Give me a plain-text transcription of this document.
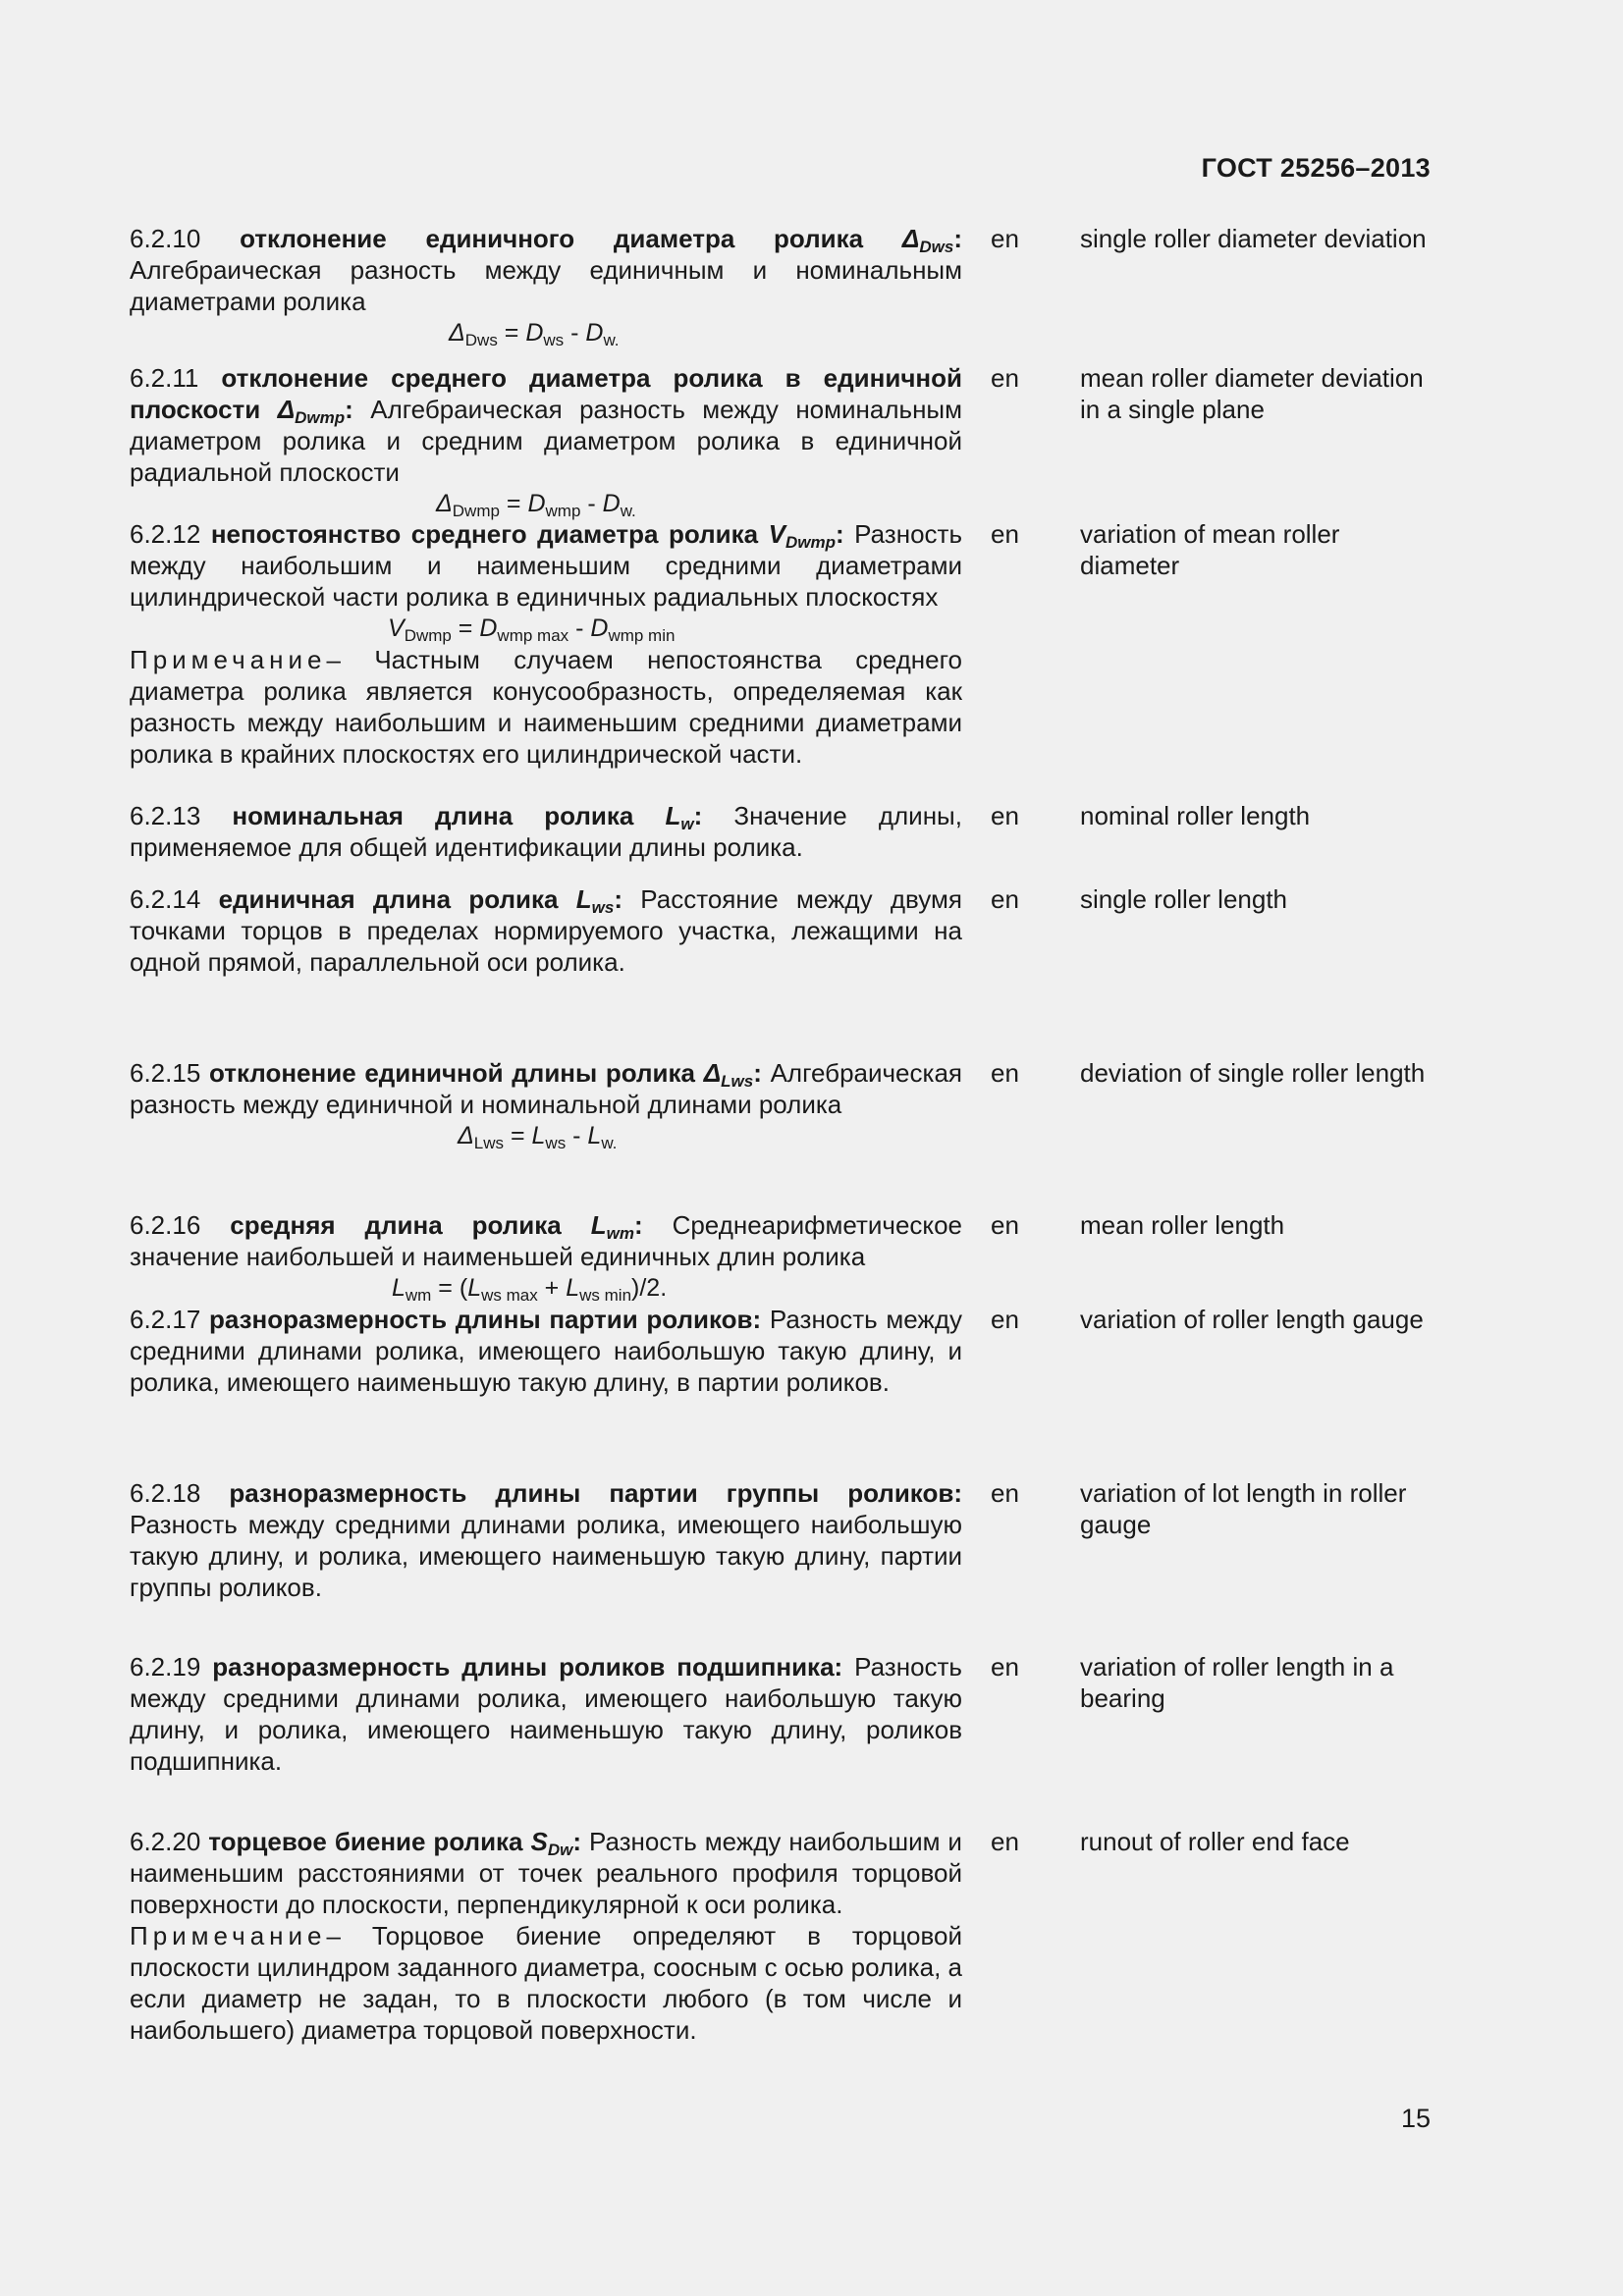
ГОСТ 25256–2013

6.2.10 отклонение единичного диаметра ролика $\Delta_{Dws}$: Алгебраическая разность между единичным и номинальным диаметрами ролика

$\Delta_{Dws} = D_{ws} - D_{w.}$
en single roller diameter deviation

6.2.11 отклонение среднего диаметра ролика в единичной плоскости $\Delta_{Dwmp}$: Алгебраическая разность между номинальным диаметром ролика и средним диаметром ролика в единичной радиальной плоскости

$\Delta_{Dwmp} = D_{wmp} - D_{w.}$
en mean roller diameter deviation in a single plane

6.2.12 непостоянство среднего диаметра ролика $V_{Dwmp}$: Разность между наибольшим и наименьшим средними диаметрами цилиндрической части ролика в единичных радиальных плоскостях

$V_{Dwmp} = D_{wmp max} - D_{wmp min}$

Примечание– Частным случаем непостоянства среднего диаметра ролика является конусообразность, определяемая как разность между наибольшим и наименьшим средними диаметрами ролика в крайних плоскостях его цилиндрической части.

en variation of mean roller diameter

6.2.13 номинальная длина ролика $L_w$: Значение длины, применяемое для общей идентификации длины ролика.

en nominal roller length

6.2.14 единичная длина ролика $L_{ws}$: Расстояние между двумя точками торцов в пределах нормируемого участка, лежащими на одной прямой, параллельной оси ролика.

en single roller length

6.2.15 отклонение единичной длины ролика $\Delta_{Lws}$: Алгебраическая разность между единичной и номинальной длинами ролика

$\Delta_{Lws} = L_{ws} - L_{w.}$
en deviation of single roller length

6.2.16 средняя длина ролика $L_{wm}$: Среднеарифметическое значение наибольшей и наименьшей единичных длин ролика

$L_{wm} = (L_{ws max} + L_{ws min})/2$.
en mean roller length

6.2.17 разноразмерность длины партии роликов: Разность между средними длинами ролика, имеющего наибольшую такую длину, и ролика, имеющего наименьшую такую длину, в партии роликов.

en variation of roller length gauge

6.2.18 разноразмерность длины партии группы роликов: Разность между средними длинами ролика, имеющего наибольшую такую длину, и ролика, имеющего наименьшую такую длину, партии группы роликов.

en variation of lot length in roller gauge

6.2.19 разноразмерность длины роликов подшипника: Разность между средними длинами ролика, имеющего наибольшую такую длину, и ролика, имеющего наименьшую такую длину, роликов подшипника.

en variation of roller length in a bearing

6.2.20 торцевое биение ролика $S_{Dw}$: Разность между наибольшим и наименьшим расстояниями от точек реального профиля торцовой поверхности до плоскости, перпендикулярной к оси ролика.

Примечание– Торцовое биение определяют в торцовой плоскости цилиндром заданного диаметра, соосным с осью ролика, а если диаметр не задан, то в плоскости любого (в том числе и наибольшего) диаметра торцовой поверхности.

en runout of roller end face
15
